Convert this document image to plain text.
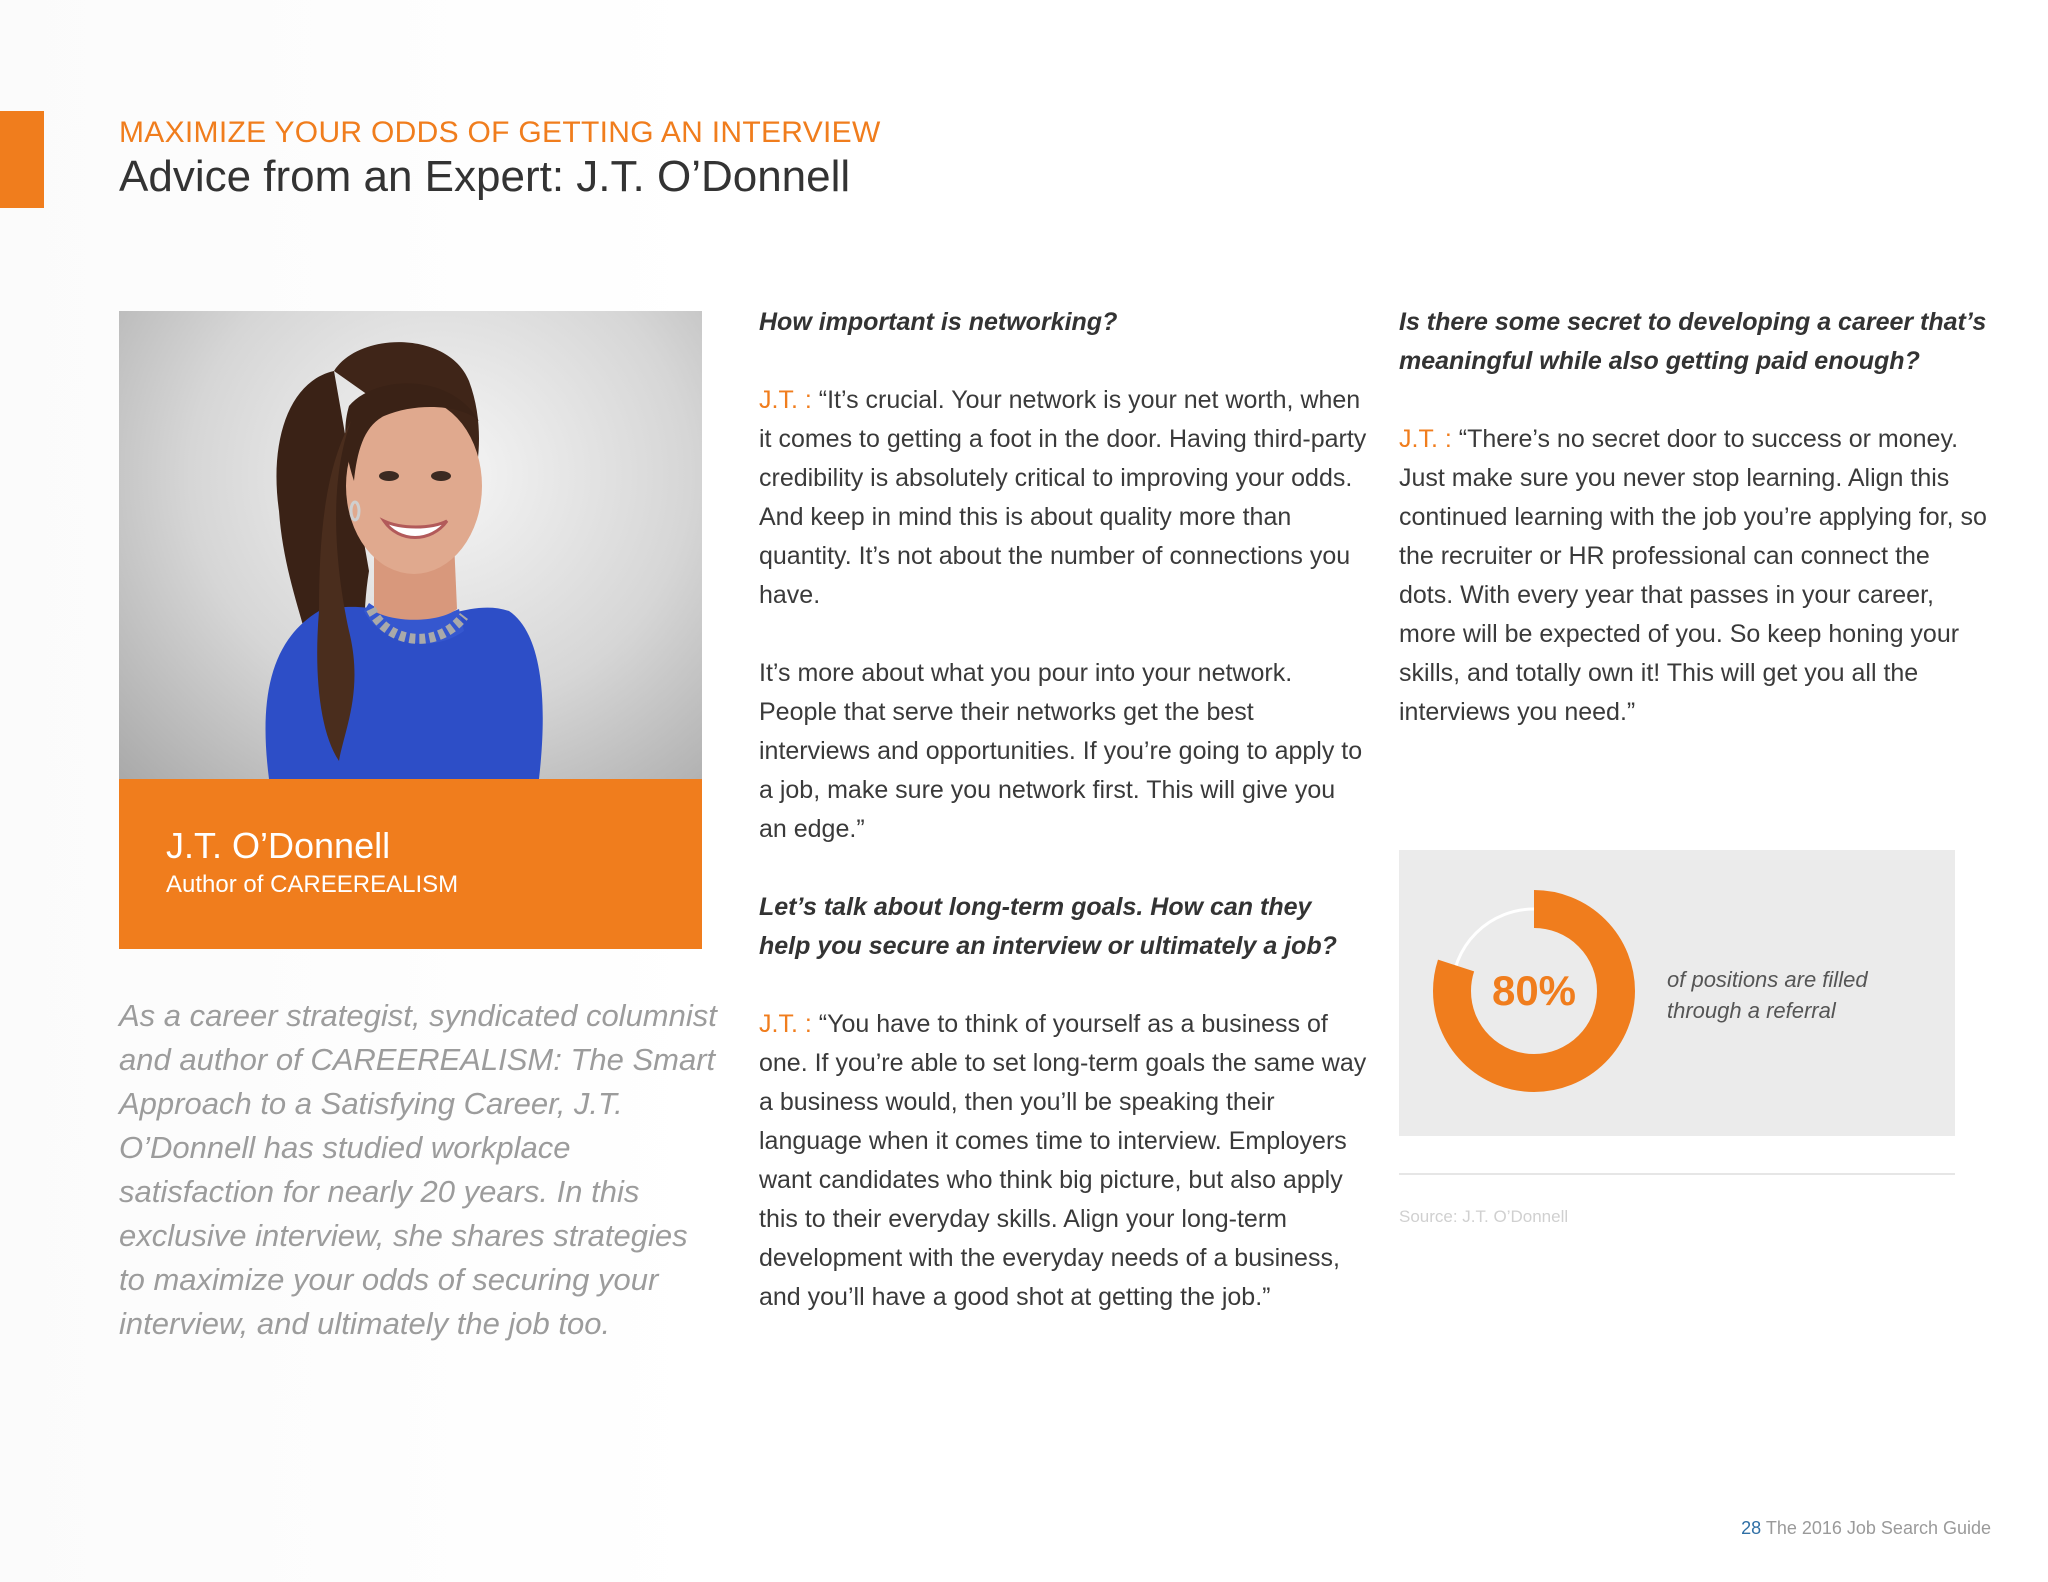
MAXIMIZE YOUR ODDS OF GETTING AN INTERVIEW
Advice from an Expert: J.T. O’Donnell
J.T. O’Donnell
Author of CAREEREALISM
As a career strategist, syndicated columnist and author of CAREEREALISM: The Smart Approach to a Satisfying Career, J.T. O’Donnell has studied workplace satisfaction for nearly 20 years. In this exclusive interview, she shares strategies to maximize your odds of securing your interview, and ultimately the job too.

How important is networking?

J.T. : “It’s crucial. Your network is your net worth, when it comes to getting a foot in the door. Having third-party credibility is absolutely critical to improving your odds. And keep in mind this is about quality more than quantity. It’s not about the number of connections you have.

It’s more about what you pour into your network. People that serve their networks get the best interviews and opportunities. If you’re going to apply to a job, make sure you network first. This will give you an edge.”

Let’s talk about long-term goals. How can they help you secure an interview or ultimately a job?

J.T. : “You have to think of yourself as a business of one. If you’re able to set long-term goals the same way a business would, then you’ll be speaking their language when it comes time to interview. Employers want candidates who think big picture, but also apply this to their everyday skills. Align your long-term development with the everyday needs of a business, and you’ll have a good shot at getting the job.”

Is there some secret to developing a career that’s meaningful while also getting paid enough?

J.T. : “There’s no secret door to success or money. Just make sure you never stop learning. Align this continued learning with the job you’re applying for, so the recruiter or HR professional can connect the dots. With every year that passes in your career, more will be expected of you. So keep honing your skills, and totally own it! This will get you all the interviews you need.”

80%	of positions are filled through a referral
Source: J.T. O’Donnell
28 The 2016 Job Search Guide
